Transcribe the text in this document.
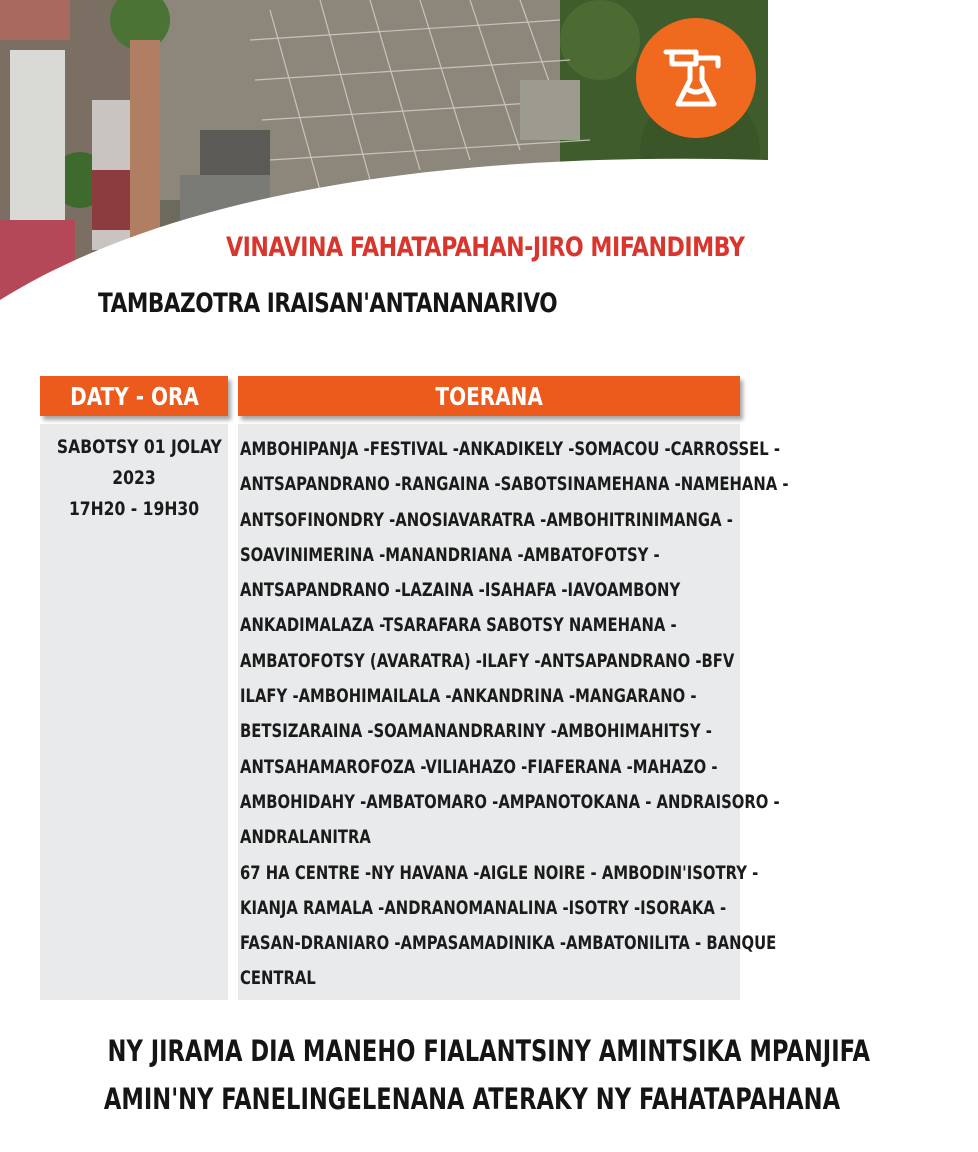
VINAVINA FAHATAPAHAN-JIRO MIFANDIMBY
TAMBAZOTRA IRAISAN'ANTANANARIVO
DATY - ORA	TOERANA
SABOTSY 01 JOLAY
2023
17H20 - 19H30
AMBOHIPANJA -FESTIVAL -ANKADIKELY -SOMACOU -CARROSSEL -
ANTSAPANDRANO -RANGAINA -SABOTSINAMEHANA -NAMEHANA -
ANTSOFINONDRY -ANOSIAVARATRA -AMBOHITRINIMANGA -
SOAVINIMERINA -MANANDRIANA -AMBATOFOTSY -
ANTSAPANDRANO -LAZAINA -ISAHAFA -IAVOAMBONY
ANKADIMALAZA -TSARAFARA SABOTSY NAMEHANA -
AMBATOFOTSY (AVARATRA) -ILAFY -ANTSAPANDRANO -BFV
ILAFY -AMBOHIMAILALA -ANKANDRINA -MANGARANO -
BETSIZARAINA -SOAMANANDRARINY -AMBOHIMAHITSY -
ANTSAHAMAROFOZA -VILIAHAZO -FIAFERANA -MAHAZO -
AMBOHIDAHY -AMBATOMARO -AMPANOTOKANA - ANDRAISORO -
ANDRALANITRA
67 HA CENTRE -NY HAVANA -AIGLE NOIRE - AMBODIN'ISOTRY -
KIANJA RAMALA -ANDRANOMANALINA -ISOTRY -ISORAKA -
FASAN-DRANIARO -AMPASAMADINIKA -AMBATONILITA - BANQUE
CENTRAL
NY JIRAMA DIA MANEHO FIALANTSINY AMINTSIKA MPANJIFA
AMIN'NY FANELINGELENANA ATERAKY NY FAHATAPAHANA
